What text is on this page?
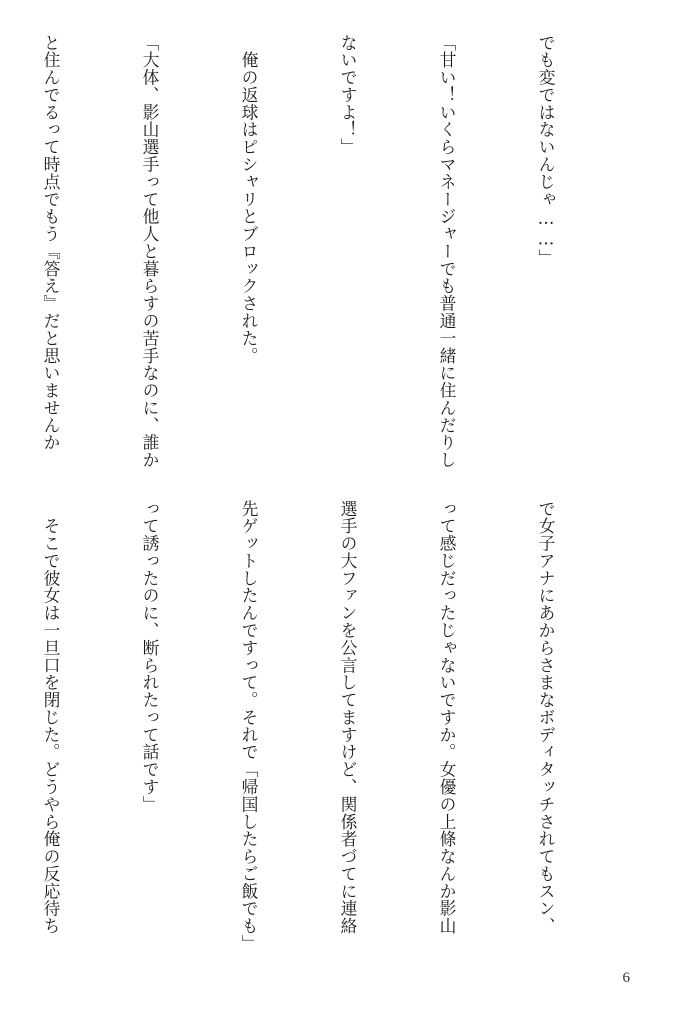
でも変ではないんじゃ……」

「甘い！いくらマネージャーでも普通一緒に住んだりし

ないですよ！」

　俺の返球はピシャリとブロックされた。

「大体、影山選手って他人と暮らすの苦手なのに、誰か

と住んでるって時点でもう『答え』だと思いませんか

で女子アナにあからさまなボディタッチされてもスン、

って感じだったじゃないですか。女優の上條なんか影山

選手の大ファンを公言してますけど、関係者づてに連絡

先ゲットしたんですって。それで「帰国したらご飯でも」

って誘ったのに、断られたって話です」

　そこで彼女は一旦口を閉じた。どうやら俺の反応待ち

6
